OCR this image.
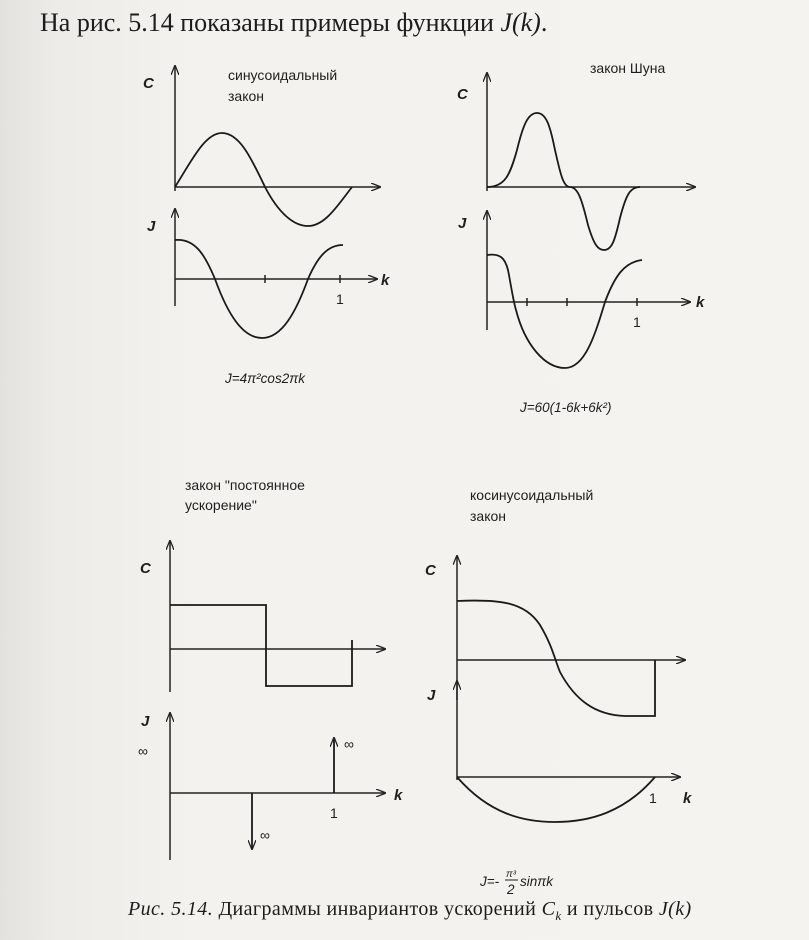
На рис. 5.14 показаны примеры функции J(k).
C	синусоидальный
закон
J
k
1
J=4π²cos2πk
закон Шуна
C
J
k
1
J=60(1-6k+6k²)
закон "постоянное
ускорение"
C
J
∞	∞
∞
k
1
косинусоидальный
закон
C
J
k
1
J=- π³
2
sinπk
Рис. 5.14. Диаграммы инвариантов ускорений $C_k$ и пульсов J(k)
